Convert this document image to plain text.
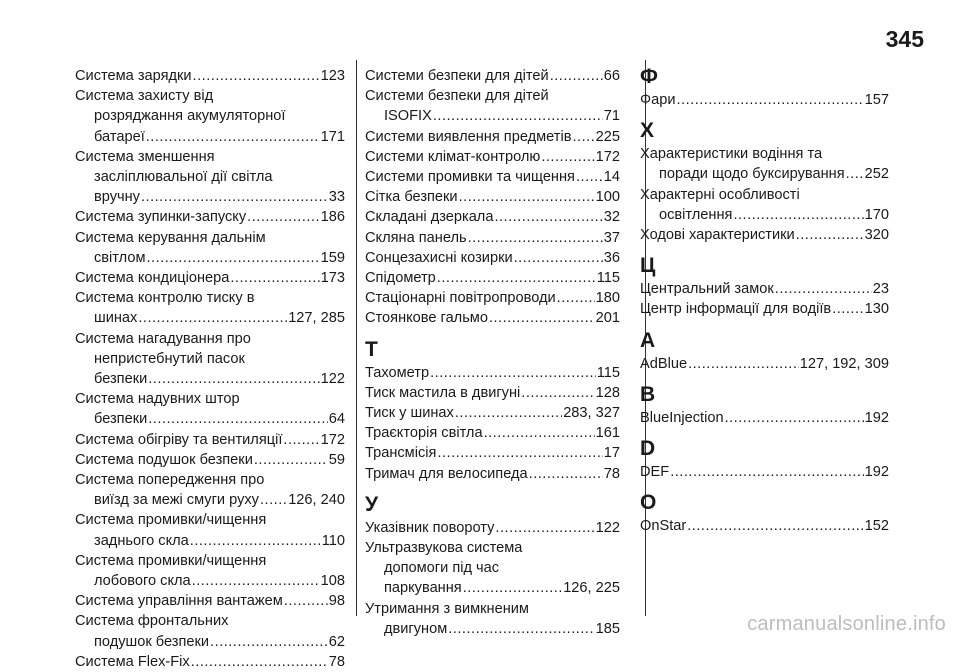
345
Система зарядки .....	123
Система захисту від
розряджання акумуляторної
батареї .....	171
Система зменшення
засліплювальної дії світла
вручну .....	33
Система зупинки-запуску .....	186
Система керування дальнім
світлом .....	159
Система кондиціонера .....	173
Система контролю тиску в
шинах .....	127, 285
Система нагадування про
непристебнутий пасок
безпеки .....	122
Система надувних штор
безпеки .....	64
Система обігріву та вентиляції .....	172
Система подушок безпеки .....	59
Система попередження про
виїзд за межі смуги руху ..... 126, 240
Система промивки/чищення
заднього скла .....	110
Система промивки/чищення
лобового скла .....	108
Система управління вантажем .....	98
Система фронтальних
подушок безпеки .....	62
Система Flex-Fix .....	78
Системи безпеки для дітей .....	66
Системи безпеки для дітей
ISOFIX .....	71
Системи виявлення предметів ..... 225
Системи клімат-контролю .....	172
Системи промивки та чищення ..... 14
Сітка безпеки .....	100
Складані дзеркала .....	32
Скляна панель .....	37
Сонцезахисні козирки .....	36
Спідометр .....	115
Стаціонарні повітропроводи .....	180
Стоянкове гальмо .....	201
Т
Тахометр .....	115
Тиск мастила в двигуні .....	128
Тиск у шинах .....	283, 327
Траєкторія світла .....	161
Трансмісія .....	17
Тримач для велосипеда .....	78
У
Указівник повороту .....	122
Ультразвукова система
допомоги під час
паркування .....	126, 225
Утримання з вимкненим
двигуном .....	185
Ф
Фари .....	157
Х
Характеристики водіння та
поради щодо буксирування ..... 252
Характерні особливості
освітлення .....	170
Ходові характеристики .....	320
Ц
Центральний замок .....	23
Центр інформації для водіїв ..... 130
A
AdBlue .....	127, 192, 309
B
BlueInjection .....	192
D
DEF .....	192
O
OnStar .....	152
carmanualsonline.info
